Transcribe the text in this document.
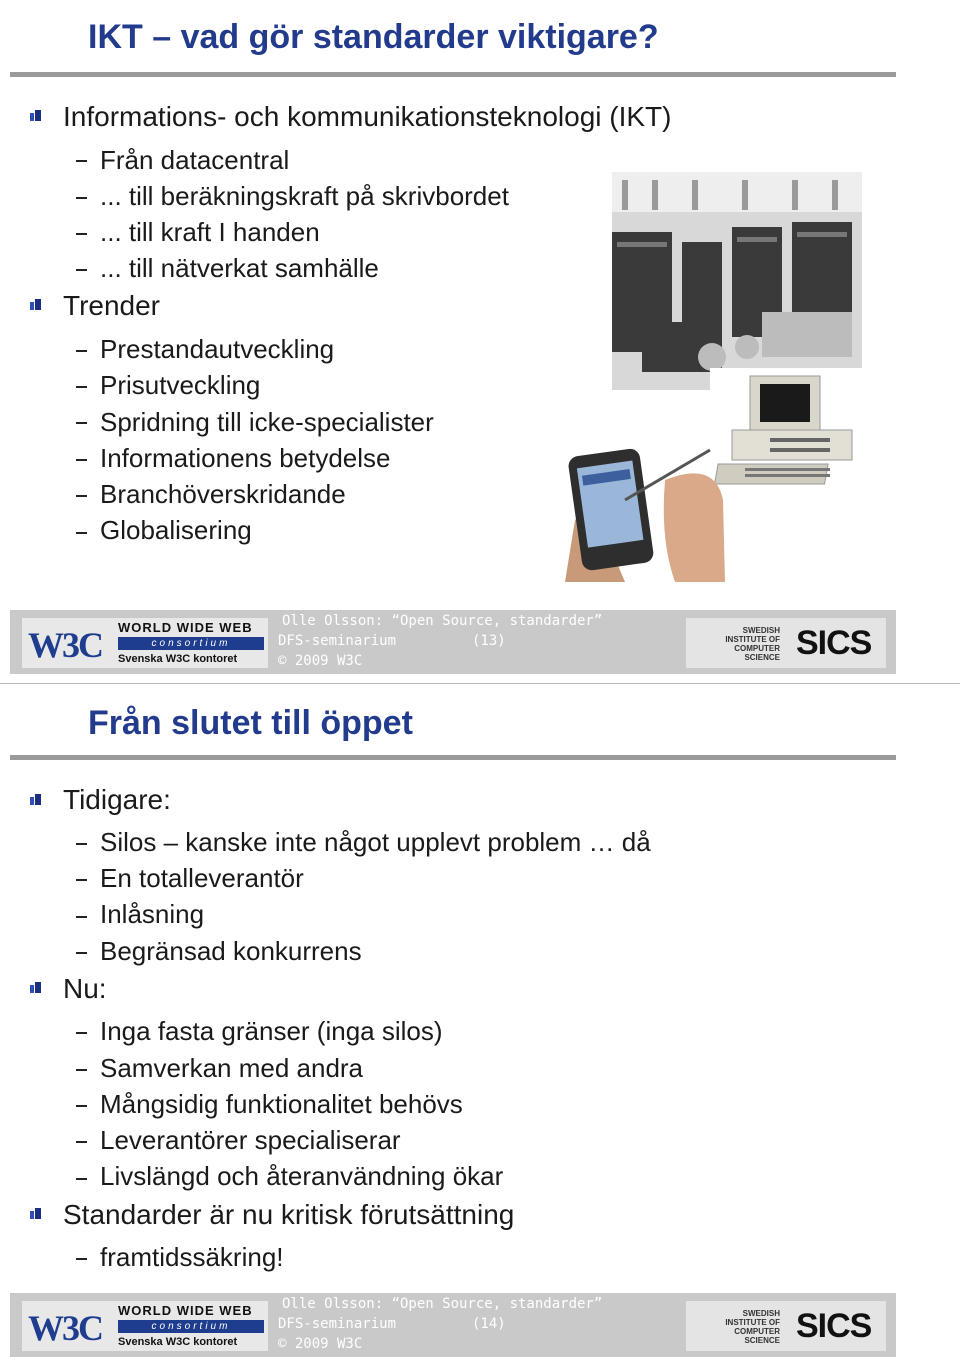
IKT – vad gör standarder viktigare?
Informations- och kommunikationsteknologi (IKT)
Från datacentral
... till beräkningskraft på skrivbordet
... till kraft I handen
... till nätverkat samhälle
Trender
Prestandautveckling
Prisutveckling
Spridning till icke-specialister
Informationens betydelse
Branchöverskridande
Globalisering
W3C WORLD WIDE WEB
consortium
Svenska W3C kontoret
Olle Olsson: “Open Source, standarder”
DFS-seminarium	(13)
© 2009 W3C
SWEDISH INSTITUTE OF COMPUTER SCIENCE SICS
Från slutet till öppet
Tidigare:
Silos – kanske inte något upplevt problem … då
En totalleverantör
Inlåsning
Begränsad konkurrens
Nu:
Inga fasta gränser (inga silos)
Samverkan med andra
Mångsidig funktionalitet behövs
Leverantörer specialiserar
Livslängd och återanvändning ökar
Standarder är nu kritisk förutsättning
framtidssäkring!
W3C WORLD WIDE WEB
consortium
Svenska W3C kontoret
Olle Olsson: “Open Source, standarder”
DFS-seminarium	(14)
© 2009 W3C
SWEDISH INSTITUTE OF COMPUTER SCIENCE SICS
